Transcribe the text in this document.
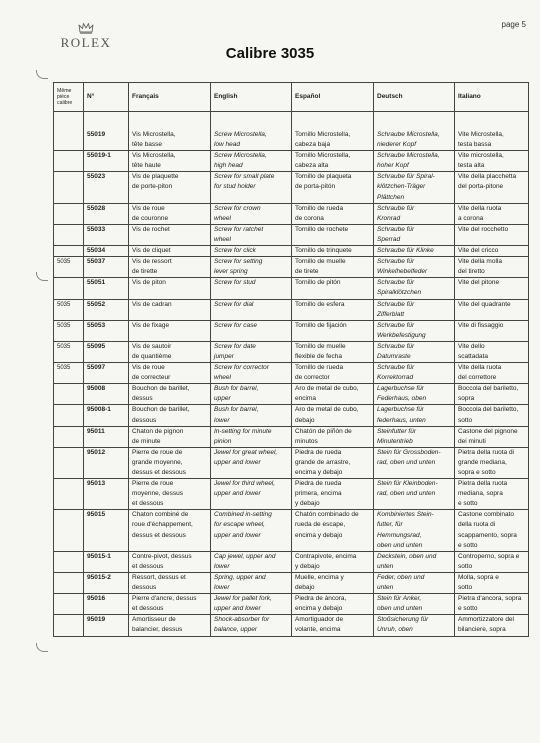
page 5
ROLEX
Calibre 3035
Même
pièce
calibre	N°	Français	English	Español	Deutsch	Italiano

	55019	Vis Microstella,
tête basse	Screw Microstella,
low head	Tornillo Microstella,
cabeza baja	Schraube Microstella,
niederer Kopf	Vite Microstella,
testa bassa

	55019-1	Vis Microstella,
tête haute	Screw Microstella,
high head	Tornillo Microstella,
cabeza alta	Schraube Microstella,
hoher Kopf	Vite microstella,
testa alta

	55023	Vis de plaquette
de porte-piton	Screw for small plate
for stud holder	Tornillo de plaqueta
de porta-pitón	Schraube für Spiral-
klötzchen-Träger
Plättchen	Vite della placchetta
del porta-pitone

	55028	Vis de roue
de couronne	Screw for crown
wheel	Tornillo de rueda
de corona	Schraube für
Kronrad	Vite della ruota
a corona

	55033	Vis de rochet	Screw for ratchet
wheel	Tornillo de rochete	Schraube für
Sperrad	Vite del rocchetto

	55034	Vis de cliquet	Screw for click	Tornillo de trinquete	Schraube für Klinke	Vite del cricco

5035	55037	Vis de ressort
de tirette	Screw for setting
lever spring	Tornillo de muelle
de tirete	Schraube für
Winkelhebelfeder	Vite della molla
del tiretto

	55051	Vis de piton	Screw for stud	Tornillo de pitón	Schraube für
Spiralklötzchen	Vite del pitone

5035	55052	Vis de cadran	Screw for dial	Tornillo de esfera	Schraube für
Zifferblatt	Vite del quadrante

5035	55053	Vis de fixage	Screw for case	Tornillo de fijación	Schraube für
Werkbefestigung	Vite di fissaggio

5035	55095	Vis de sautoir
de quantième	Screw for date
jumper	Tornillo de muelle
flexible de fecha	Schraube für
Datumraste	Vite dello
scattadata

5035	55097	Vis de roue
de correcteur	Screw for corrector
wheel	Tornillo de rueda
de corrector	Schraube für
Korrektorrad	Vite della ruota
del correttore

	95008	Bouchon de barillet,
dessus	Bush for barrel,
upper	Aro de metal de cubo,
encima	Lagerbuchse für
Federhaus, oben	Boccola del bariletto,
sopra

	95008-1	Bouchon de barillet,
dessous	Bush for barrel,
lower	Aro de metal de cubo,
debajo	Lagerbuchse für
federhaus, unten	Boccola del bariletto,
sotto

	95011	Chaton de pignon
de minute	In-setting for minute
pinion	Chatón de piñón de
minutos	Steinfutter für
Minutentrieb	Castone del pignone
dei minuti

	95012	Pierre de roue de
grande moyenne,
dessus et dessous	Jewel for great wheel,
upper and lower	Piedra de rueda
grande de arrastre,
encima y debajo	Stein für Grossboden-
rad, oben und unten	Pietra della ruota di
grande mediana,
sopra e sotto

	95013	Pierre de roue
moyenne, dessus
et dessous	Jewel for third wheel,
upper and lower	Piedra de rueda
primera, encima
y debajo	Stein für Kleinboden-
rad, oben und unten	Pietra della ruota
mediana, sopra
e sotto

	95015	Chaton combiné de
roue d'échappement,
dessus et dessous	Combined in-setting
for escape wheel,
upper and lower	Chatón combinado de
rueda de escape,
encima y debajo	Kombiniertes Stein-
futter, für
Hemmungsrad,
oben und unten	Castone combinato
della ruota di
scappamento, sopra
e sotto

	95015-1	Contre-pivot, dessus
et dessous	Cap jewel, upper and
lower	Contrapivote, encima
y debajo	Deckstein, oben und
unten	Controperno, sopra e
sotto

	95015-2	Ressort, dessus et
dessous	Spring, upper and
lower	Muelle, encima y
debajo	Feder, oben und
unten	Molla, sopra e
sotto

	95016	Pierre d'ancre, dessus
et dessous	Jewel for pallet fork,
upper and lower	Piedra de áncora,
encima y debajo	Stein für Anker,
oben und unten	Pietra d'ancora, sopra
e sotto

	95019	Amortisseur de
balancier, dessus	Shock-absorber for
balance, upper	Amortiguador de
volante, encima	Stoßsicherung für
Unruh, oben	Ammortizzatore del
bilanciere, sopra
